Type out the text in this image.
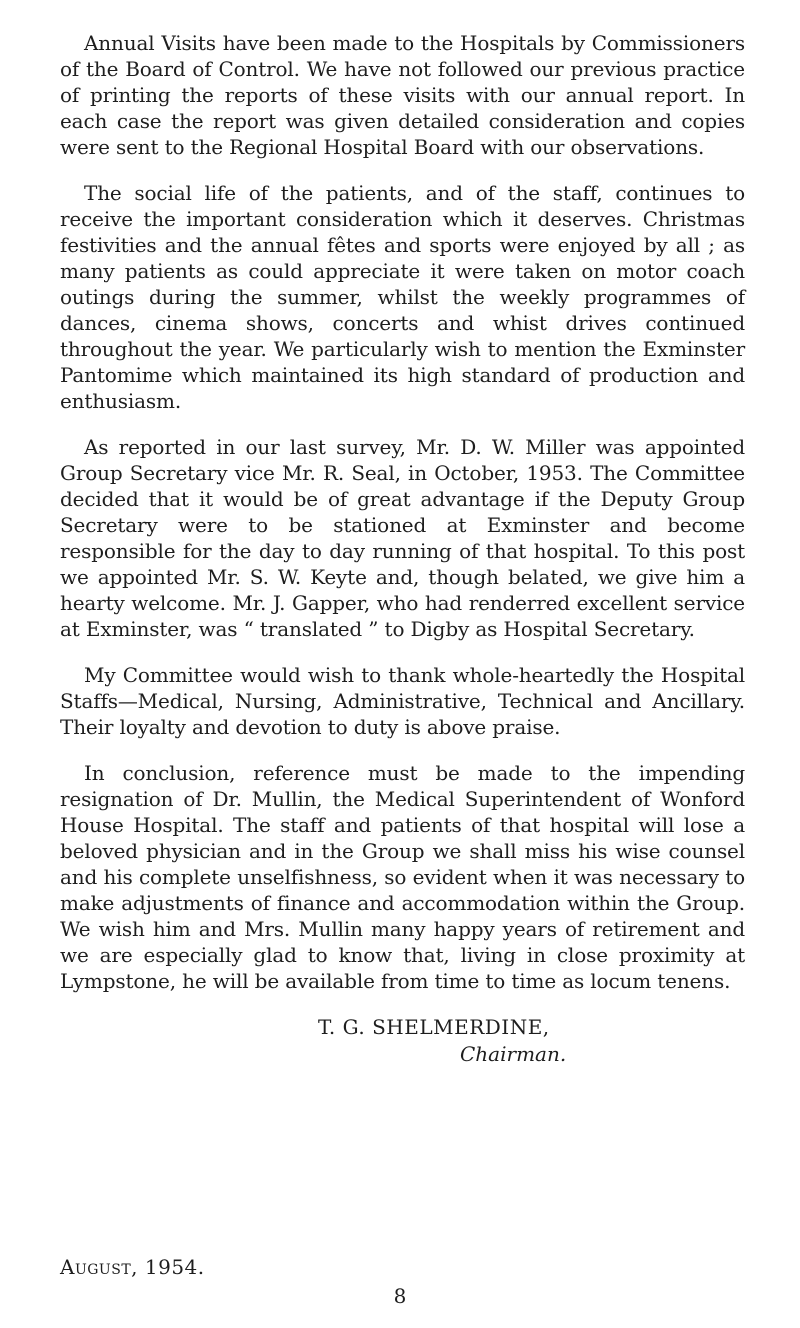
Annual Visits have been made to the Hospitals by Commissioners of the Board of Control. We have not followed our previous practice of printing the reports of these visits with our annual report. In each case the report was given detailed consideration and copies were sent to the Regional Hospital Board with our observations.

The social life of the patients, and of the staff, continues to receive the important consideration which it deserves. Christmas festivities and the annual fêtes and sports were enjoyed by all ; as many patients as could appreciate it were taken on motor coach outings during the summer, whilst the weekly programmes of dances, cinema shows, concerts and whist drives continued throughout the year. We particularly wish to mention the Exminster Pantomime which maintained its high standard of production and enthusiasm.

As reported in our last survey, Mr. D. W. Miller was appointed Group Secretary vice Mr. R. Seal, in October, 1953. The Committee decided that it would be of great advantage if the Deputy Group Secretary were to be stationed at Exminster and become responsible for the day to day running of that hospital. To this post we appointed Mr. S. W. Keyte and, though belated, we give him a hearty welcome. Mr. J. Gapper, who had renderred excellent service at Exminster, was “ translated ” to Digby as Hospital Secretary.

My Committee would wish to thank whole-heartedly the Hospital Staffs—Medical, Nursing, Administrative, Technical and Ancillary. Their loyalty and devotion to duty is above praise.

In conclusion, reference must be made to the impending resignation of Dr. Mullin, the Medical Superintendent of Wonford House Hospital. The staff and patients of that hospital will lose a beloved physician and in the Group we shall miss his wise counsel and his complete unselfishness, so evident when it was necessary to make adjustments of finance and accommodation within the Group. We wish him and Mrs. Mullin many happy years of retirement and we are especially glad to know that, living in close proximity at Lympstone, he will be available from time to time as locum tenens.

T. G. SHELMERDINE,
Chairman.
August, 1954.
8
